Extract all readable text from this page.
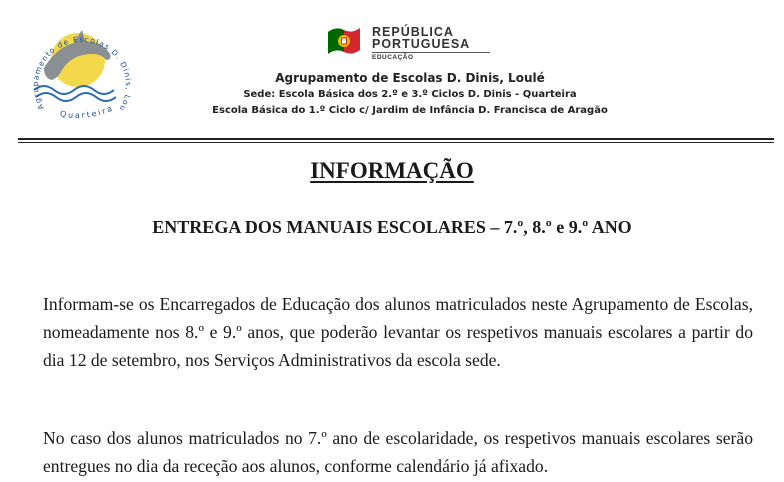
Agrupamento de Escolas D. Dini Lou
Quarteira
REPÚBLICA
PORTUGUESA
EDUCAÇÃO
Agrupamento de Escolas D. Dinis, Loulé
Sede: Escola Básica dos 2.º e 3.º Ciclos D. Dinis - Quarteira
Escola Básica do 1.º Ciclo c/ Jardim de Infância D. Francisca de Aragão
INFORMAÇÃO
ENTREGA DOS MANUAIS ESCOLARES – 7.º, 8.º e 9.º ANO

Informam-se os Encarregados de Educação dos alunos matriculados neste Agrupamento de Escolas, nomeadamente nos 8.º e 9.º anos, que poderão levantar os respetivos manuais escolares a partir do dia 12 de setembro, nos Serviços Administrativos da escola sede.

No caso dos alunos matriculados no 7.º ano de escolaridade, os respetivos manuais escolares serão entregues no dia da receção aos alunos, conforme calendário já afixado.
